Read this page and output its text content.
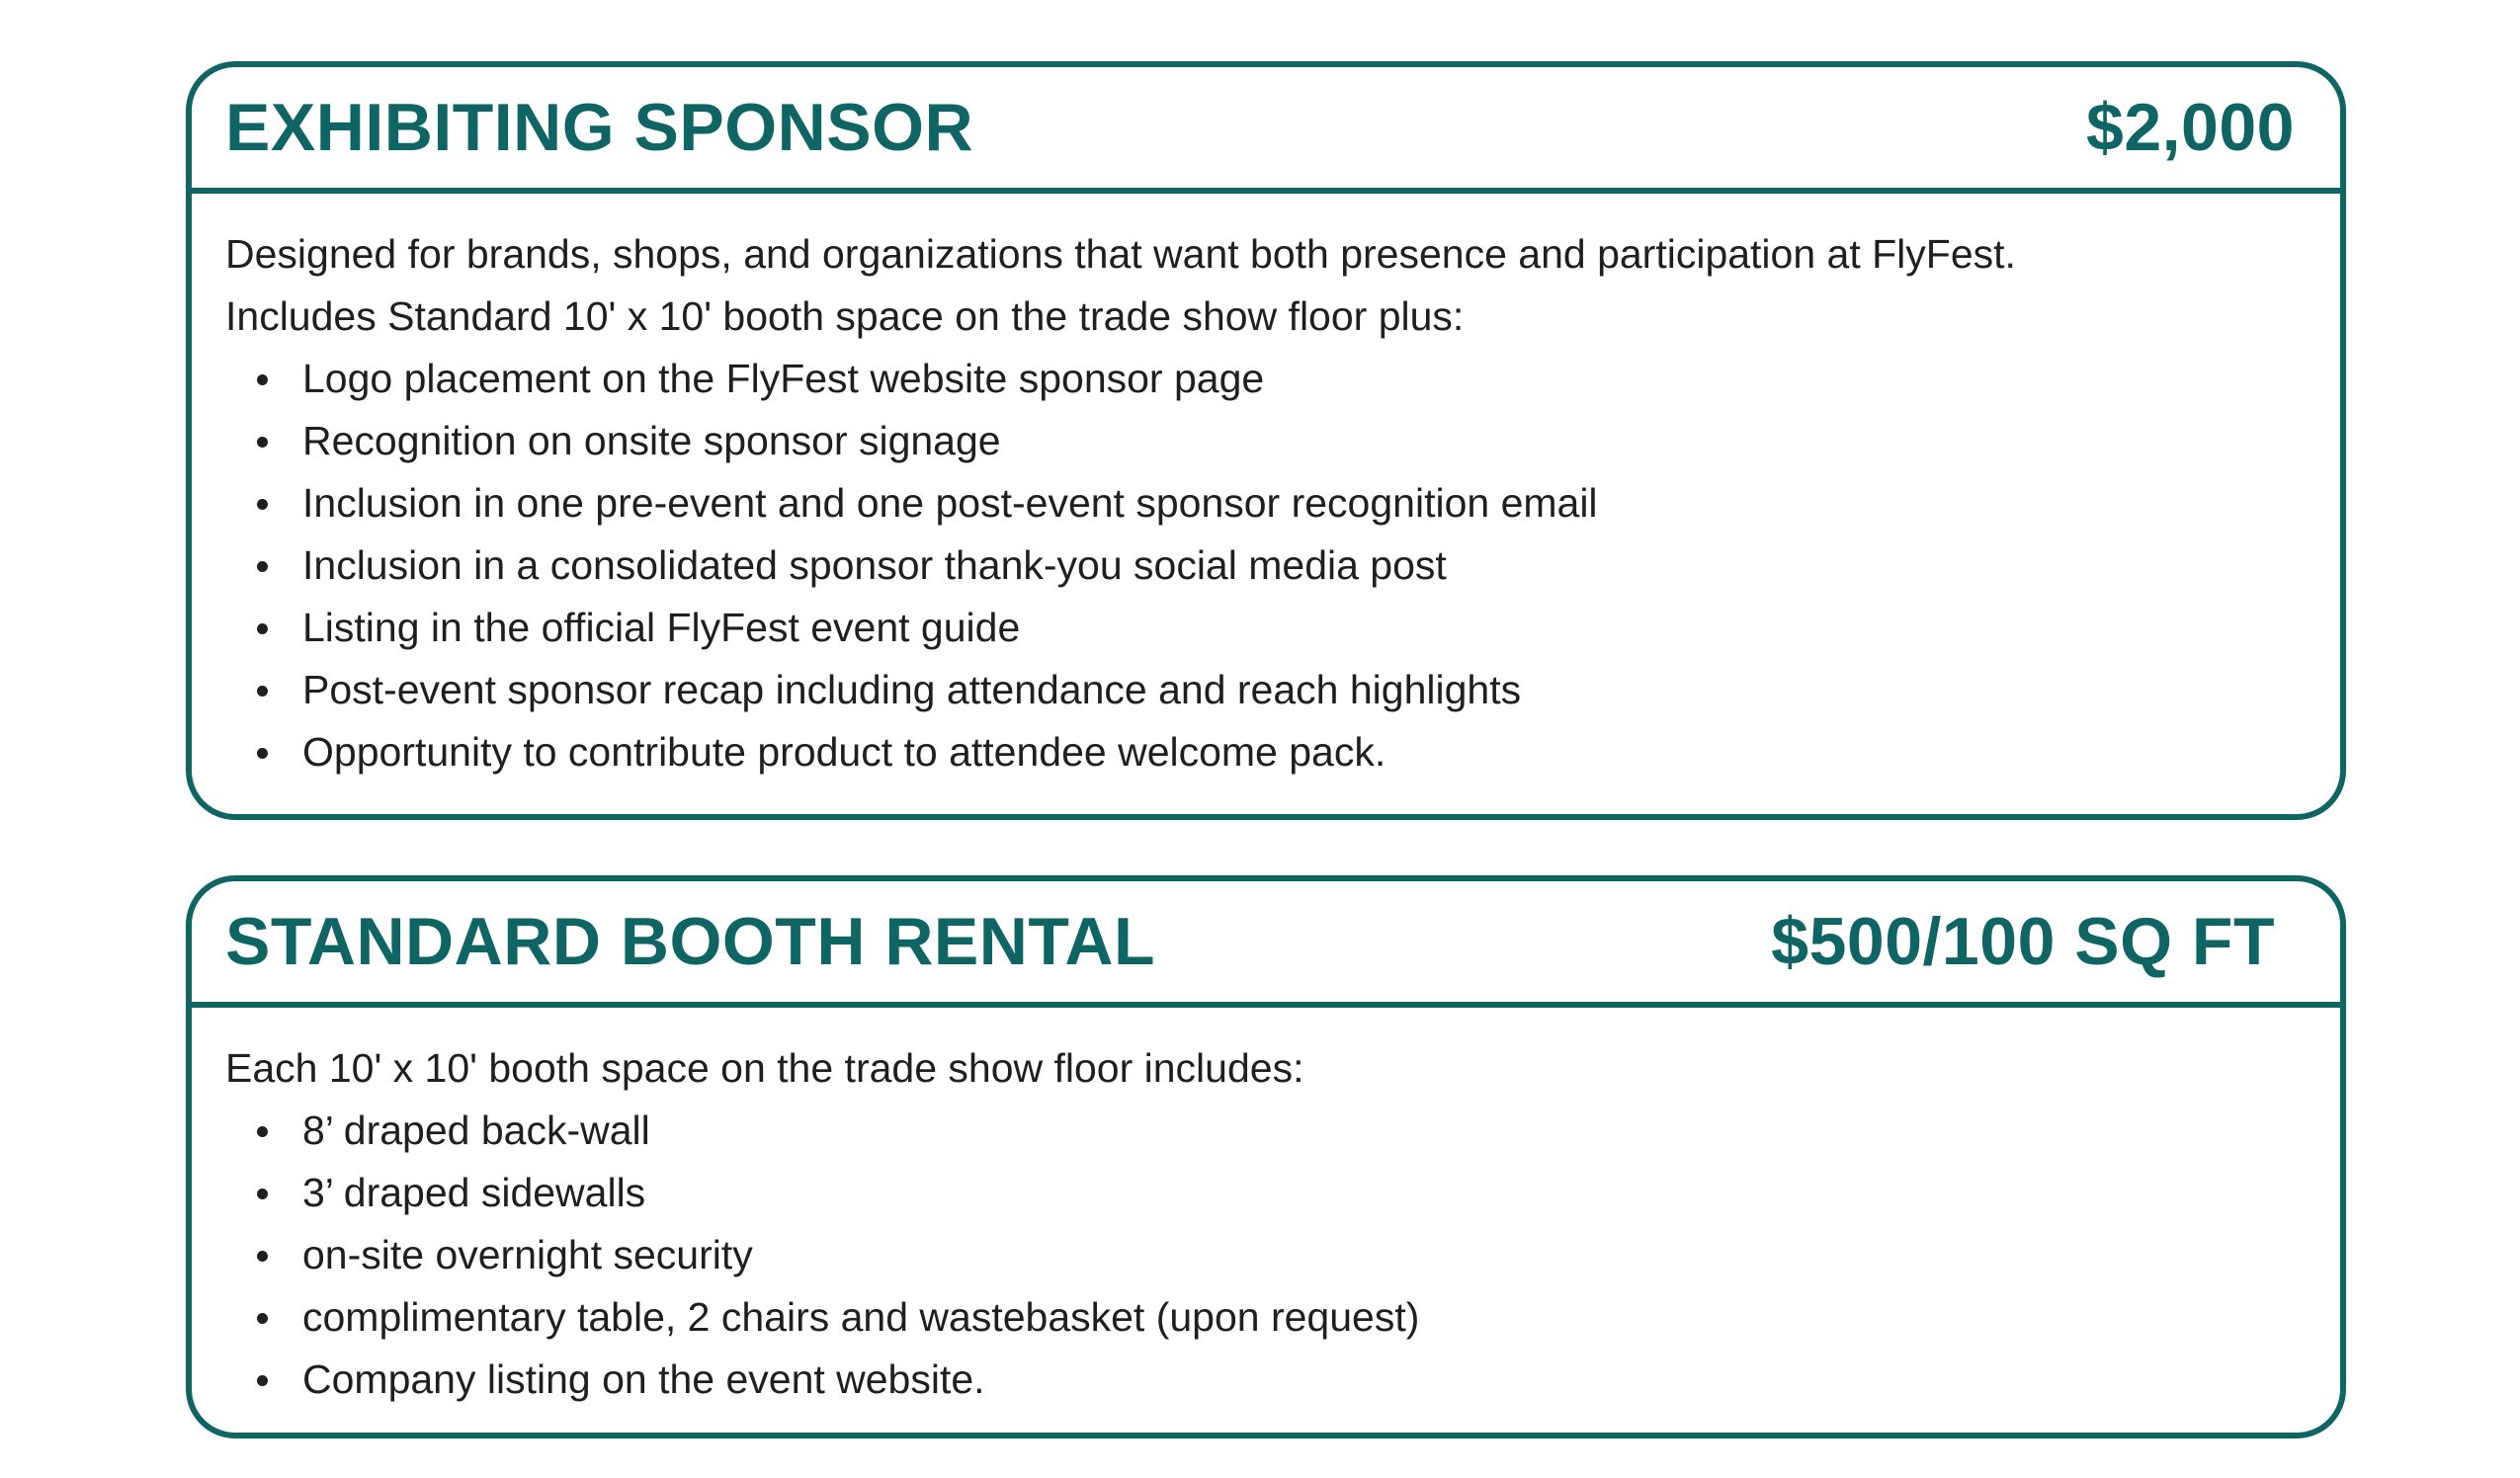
EXHIBITING SPONSOR	$2,000

Designed for brands, shops, and organizations that want both presence and participation at FlyFest.

Includes Standard 10' x 10' booth space on the trade show floor plus:

Logo placement on the FlyFest website sponsor page
Recognition on onsite sponsor signage
Inclusion in one pre-event and one post-event sponsor recognition email
Inclusion in a consolidated sponsor thank-you social media post
Listing in the official FlyFest event guide
Post-event sponsor recap including attendance and reach highlights
Opportunity to contribute product to attendee welcome pack.
STANDARD BOOTH RENTAL	$500/100 SQ FT

Each 10' x 10' booth space on the trade show floor includes:

8’ draped back-wall
3’ draped sidewalls
on-site overnight security
complimentary table, 2 chairs and wastebasket (upon request)
Company listing on the event website.
